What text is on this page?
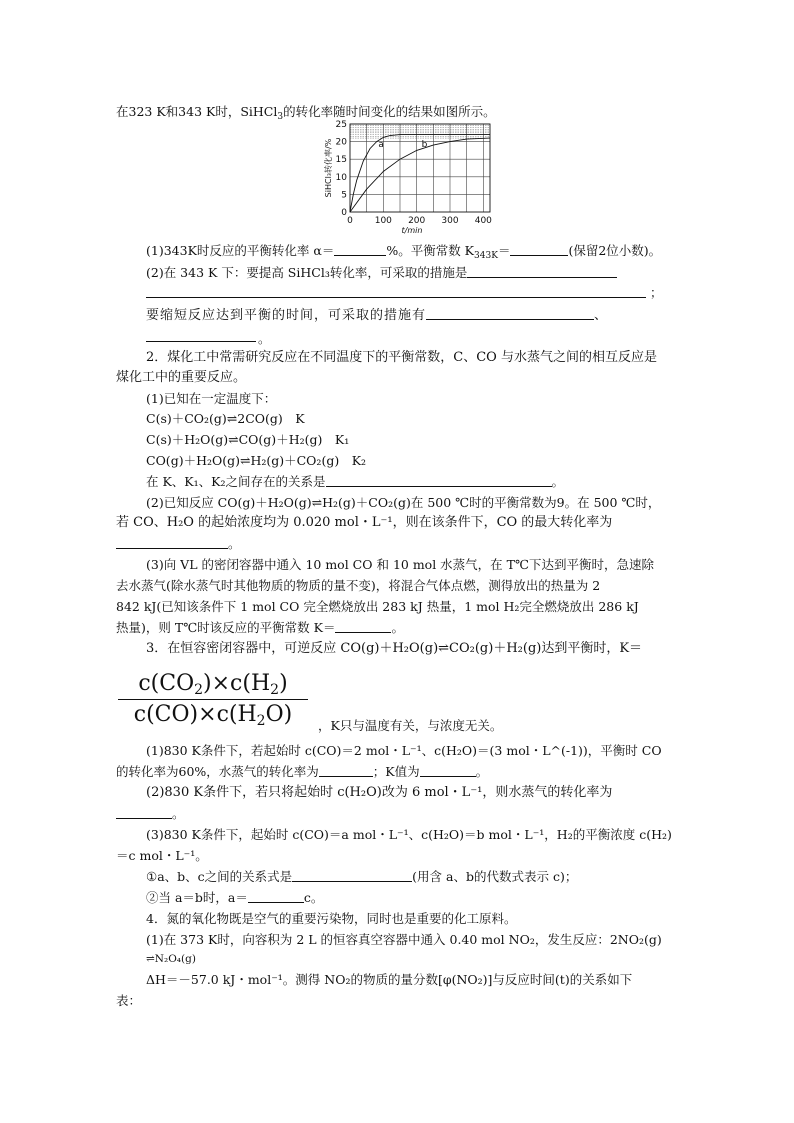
在323 K和343 K时，SiHCl$_3$的转化率随时间变化的结果如图所示。
0 100 200 300 400
0
5
10
15
20
25
t/min
SiHCl₃转化率/%	a	b
(1)343K时反应的平衡转化率 α＝	%。平衡常数 $K_{343K}=$	(保留2位小数)。
(2)在 343 K 下：要提高 SiHCl₃转化率，可采取的措施是
；
要缩短反应达到平衡的时间，可采取的措施有	、
。
2．煤化工中常需研究反应在不同温度下的平衡常数，C、CO 与水蒸气之间的相互反应是
煤化工中的重要反应。
(1)已知在一定温度下：
C(s)＋CO₂(g)⇌2CO(g)　K
C(s)＋H₂O(g)⇌CO(g)＋H₂(g)　K₁
CO(g)＋H₂O(g)⇌H₂(g)＋CO₂(g)　K₂
在 K、K₁、K₂之间存在的关系是	。
(2)已知反应 CO(g)＋H₂O(g)⇌H₂(g)＋CO₂(g)在 500 ℃时的平衡常数为9。在 500 ℃时，
若 CO、H₂O 的起始浓度均为 0.020 mol・L⁻¹，则在该条件下，CO 的最大转化率为
。
(3)向 VL 的密闭容器中通入 10 mol CO 和 10 mol 水蒸气，在 T℃下达到平衡时，急速除
去水蒸气(除水蒸气时其他物质的物质的量不变)，将混合气体点燃，测得放出的热量为 2
842 kJ(已知该条件下 1 mol CO 完全燃烧放出 283 kJ 热量，1 mol H₂完全燃烧放出 286 kJ
热量)，则 T℃时该反应的平衡常数 K＝	。
3．在恒容密闭容器中，可逆反应 CO(g)＋H₂O(g)⇌CO₂(g)＋H₂(g)达到平衡时，K＝
c(CO2)×c(H2)
c(CO)×c(H2O)	，K只与温度有关，与浓度无关。
(1)830 K条件下，若起始时 c(CO)＝2 mol・L⁻¹、c(H₂O)＝(3 mol・L^(-1))，平衡时 CO
的转化率为60%，水蒸气的转化率为	；K值为	。
(2)830 K条件下，若只将起始时 c(H₂O)改为 6 mol・L⁻¹，则水蒸气的转化率为
。
(3)830 K条件下，起始时 c(CO)＝a mol・L⁻¹、c(H₂O)＝b mol・L⁻¹，H₂的平衡浓度 c(H₂)
＝c mol・L⁻¹。
①a、b、c之间的关系式是	(用含 a、b的代数式表示 c)；
②当 a＝b时，a＝	c。
4．氮的氧化物既是空气的重要污染物，同时也是重要的化工原料。
(1)在 373 K时，向容积为 2 L 的恒容真空容器中通入 0.40 mol NO₂，发生反应：2NO₂(g)
⇌N₂O₄(g)
ΔH＝－57.0 kJ・mol⁻¹。测得 NO₂的物质的量分数[φ(NO₂)]与反应时间(t)的关系如下
表：
